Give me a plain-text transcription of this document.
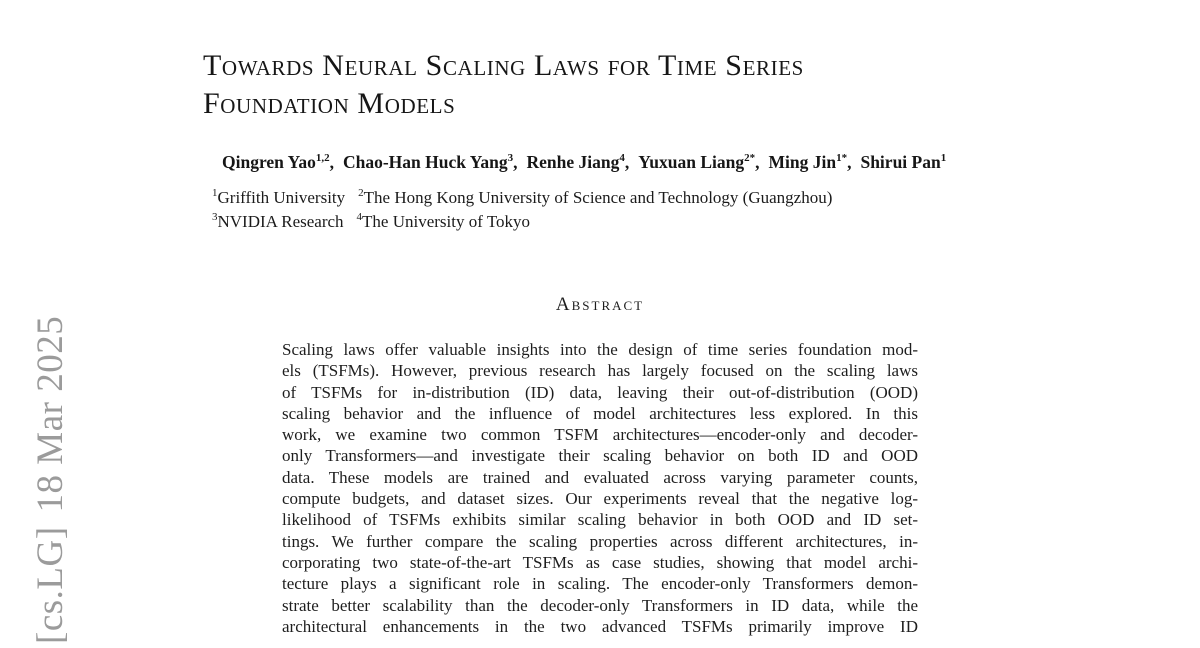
[cs.LG]
18 Mar 2025
Towards Neural Scaling Laws for Time Series
Foundation Models
Qingren Yao$^{1,2}$, Chao-Han Huck Yang$^3$, Renhe Jiang$^4$, Yuxuan Liang$^{2*}$, Ming Jin$^{1*}$, Shirui Pan$^1$
$^1$Griffith University $^2$The Hong Kong University of Science and Technology (Guangzhou)
$^3$NVIDIA Research $^4$The University of Tokyo
Abstract
Scaling laws offer valuable insights into the design of time series foundation mod-
els (TSFMs). However, previous research has largely focused on the scaling laws
of TSFMs for in-distribution (ID) data, leaving their out-of-distribution (OOD)
scaling behavior and the influence of model architectures less explored. In this
work, we examine two common TSFM architectures—encoder-only and decoder-
only Transformers—and investigate their scaling behavior on both ID and OOD
data. These models are trained and evaluated across varying parameter counts,
compute budgets, and dataset sizes. Our experiments reveal that the negative log-
likelihood of TSFMs exhibits similar scaling behavior in both OOD and ID set-
tings. We further compare the scaling properties across different architectures, in-
corporating two state-of-the-art TSFMs as case studies, showing that model archi-
tecture plays a significant role in scaling. The encoder-only Transformers demon-
strate better scalability than the decoder-only Transformers in ID data, while the
architectural enhancements in the two advanced TSFMs primarily improve ID
